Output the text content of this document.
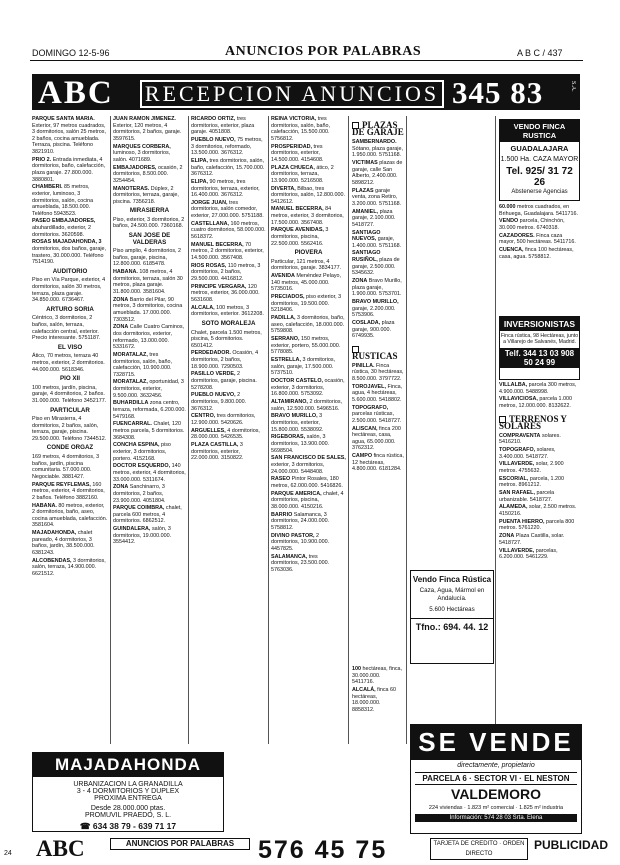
DOMINGO 12-5-96	ANUNCIOS POR PALABRAS	A B C / 437
ABC RECEPCION ANUNCIOS 345 83 57
S.A.

PARQUE SANTA MARIA. Exterior, 97 metros cuadrados, 3 dormitorios, salón 25 metros, 2 baños, cocina amueblada. Terraza, piscina. Teléfono 3821910.

PRIO 2. Entrada inmediata, 4 dormitorios, baño, calefacción, plaza garaje. 27.800.000. 3880801.

CHAMBERI. 85 metros, exterior, luminoso, 3 dormitorios, salón, cocina amueblada, 18.500.000. Teléfono 5943523.

PASEO EMBAJADORES, abuhardillado, exterior, 2 dormitorios. 3620598.

ROSAS MAJADAHONDA, 3 dormitorios, dos baños, garaje, trastero, 30.000.000. Teléfono 7514190.

AUDITORIO

Piso en Vía Parque, exterior, 4 dormitorios, salón 30 metros, terraza, plaza garaje. 34.850.000. 6736467.

ARTURO SORIA

Céntrico, 3 dormitorios, 2 baños, salón, terraza, calefacción central, exterior. Precio interesante. 5751187.

EL VISO

Ático, 70 metros, terraza 40 metros, exterior, 2 dormitorios. 44.000.000. 5618346.

PIO XII

100 metros, jardín, piscina, garaje, 4 dormitorios, 2 baños. 31.000.000. Teléfono 3452177.

PARTICULAR

Piso en Mirasierra, 4 dormitorios, 2 baños, salón, terraza, garaje, piscina. 29.500.000. Teléfono 7344512.

CONDE ORGAZ

169 metros, 4 dormitorios, 3 baños, jardín, piscina comunitaria. 57.000.000. Negociable. 3881427.

PARQUE REYFLEMAS, 160 metros, exterior, 4 dormitorios, 2 baños. Teléfono 3882160.

HABANA. 80 metros, exterior, 2 dormitorios, baño, aseo, cocina amueblada, calefacción. 3581604.

MAJADAHONDA, chalet pareado, 4 dormitorios, 3 baños, jardín, 38.500.000. 6381243.

ALCOBENDAS, 3 dormitorios, salón, terraza, 14.900.000. 6621512.

JUAN RAMON JIMENEZ. Exterior, 120 metros, 4 dormitorios, 2 baños, garaje. 3597615.

MARQUES CORBERA, luminoso, 3 dormitorios, salón. 4071689.

EMBAJADORES, ocasión, 2 dormitorios, 8.500.000. 3254454.

MANOTERAS. Dúplex, 2 dormitorios, terraza, garaje, piscina. 7356218.

MIRASIERRA

Piso, exterior, 3 dormitorios, 2 baños, 24.500.000. 7360168.

SAN JOSE DE VALDERAS

Piso amplio, 4 dormitorios, 2 baños, garaje, piscina, 12.800.000. 6185478.

HABANA. 108 metros, 4 dormitorios, terraza, salón 30 metros, plaza garaje. 31.800.000. 3581604.

ZONA Barrio del Pilar, 90 metros, 3 dormitorios, cocina amueblada. 17.000.000. 7303512.

ZONA Calle Cuatro Caminos, dos dormitorios, exterior, reformado, 13.000.000. 5331672.

MORATALAZ, tres dormitorios, salón, baño, calefacción, 10.900.000. 7328715.

MORATALAZ, oportunidad, 3 dormitorios, exterior, 9.500.000. 3632456.

BUHARDILLA zona centro, terraza, reformada, 6.200.000. 5479168.

FUENCARRAL. Chalet, 120 metros parcela, 5 dormitorios. 3684308.

CONCHA ESPINA, piso exterior, 3 dormitorios, portero. 4152168.

DOCTOR ESQUERDO, 140 metros, exterior, 4 dormitorios, 33.000.000. 5311674.

ZONA Sanchinarro, 3 dormitorios, 2 baños, 23.900.000. 4051804.

PARQUE COIMBRA, chalet, parcela 600 metros, 4 dormitorios. 6862512.

GUINDALERA, salón, 3 dormitorios, 19.000.000. 3554412.

RICARDO ORTIZ, tres dormitorios, exterior, plaza garaje. 4051808.

PUEBLO NUEVO, 75 metros, 3 dormitorios, reformado, 13.500.000. 3676312.

ELIPA, tres dormitorios, salón, baño, calefacción, 15.700.000. 3676312.

ELIPA, 90 metros, tres dormitorios, terraza, exterior, 16.400.000. 3676312.

JORGE JUAN, tres dormitorios, salón comedor, exterior, 27.000.000. 5751188.

CASTELLANA, 160 metros, cuatro dormitorios, 58.000.000. 5618372.

MANUEL BECERRA, 70 metros, 2 dormitorios, exterior, 14.500.000. 3567408.

RIOS ROSAS, 110 metros, 3 dormitorios, 2 baños, 29.500.000. 4416812.

PRINCIPE VERGARA, 120 metros, exterior, 36.000.000. 5631608.

ALCALA, 100 metros, 3 dormitorios, exterior. 3612208.

SOTO MORALEJA

Chalet, parcela 1.500 metros, piscina, 5 dormitorios. 6501412.

PERDEDADOR. Ocasión, 4 dormitorios, 2 baños, 18.900.000. 7290503.

PASILLO VERDE, 2 dormitorios, garaje, piscina. 5278208.

PUEBLO NUEVO, 2 dormitorios, 9.800.000. 3676312.

CENTRO, tres dormitorios, 12.900.000. 5420626.

ARGUELLES, 4 dormitorios, 28.000.000. 5426535.

PLAZA CASTILLA, 3 dormitorios, exterior, 22.000.000. 3150822.

REINA VICTORIA, tres dormitorios, salón, baño, calefacción, 15.500.000. 5756812.

PROSPERIDAD, tres dormitorios, exterior, 14.500.000. 4154608.

PLAZA CHUECA, ático, 2 dormitorios, terraza, 13.900.000. 5216508.

DIVERTA, Bilbao, tres dormitorios, salón, 12.800.000. 5412612.

MANUEL BECERRA, 84 metros, exterior, 3 dormitorios, 17.500.000. 3567408.

PARQUE AVENIDAS, 3 dormitorios, piscina, 22.500.000. 5562416.

PIOVERA

Particular, 121 metros, 4 dormitorios, garaje. 3834177.

AVENIDA Menéndez Pelayo, 140 metros, 45.000.000. 5735016.

PRECIADOS, piso exterior, 3 dormitorios, 19.500.000. 5218406.

PADILLA, 3 dormitorios, baño, aseo, calefacción, 18.000.000. 5759808.

SERRANO, 150 metros, exterior, portero, 55.000.000. 5778085.

ESTRELLA, 3 dormitorios, salón, garaje, 17.500.000. 5737510.

DOCTOR CASTELO, ocasión, exterior, 3 dormitorios, 16.800.000. 5753092.

ALTAMIRANO, 2 dormitorios, salón, 12.500.000. 5496516.

BRAVO MURILLO, 3 dormitorios, exterior, 15.800.000. 5538092.

RIGEBORAS, salón, 3 dormitorios, 13.900.000. 5698504.

SAN FRANCISCO DE SALES, exterior, 3 dormitorios, 24.000.000. 5448408.

RASEO Pintor Rosales, 180 metros, 62.000.000. 5416826.

PARQUE AMERICA, chalet, 4 dormitorios, piscina, 38.000.000. 4150216.

BARRIO Salamanca, 3 dormitorios, 24.000.000. 5758812.

DIVINO PASTOR, 2 dormitorios, 10.900.000. 4457825.

SALAMANCA, tres dormitorios, 23.500.000. 5763036.

PLAZAS DE GARAJE

SAMBERNARDO. Sótano, plaza garaje, 1.950.000. 5751168.

VICTIMAS plazas de garaje, calle San Alberto, 2.400.000. 5898212.

PLAZAS garaje venta, zona Retiro, 3.200.000. 5751168.

AMANIEL, plaza garaje, 2.100.000. 5418727.

SANTIAGO NUEVOS, garaje, 1.400.000. 5751168.

SANTIAGO RUSIÑOL, plaza de garaje, 2.500.000. 5345632.

ZONA Bravo Murillo, plaza garaje, 1.900.000. 5753701.

BRAVO MURILLO, garaje, 2.200.000. 5753906.

COSLADA, plaza garaje, 900.000. 6749935.

RUSTICAS

PINILLA. Finca rústica, 30 hectáreas, 8.500.000. 3797722.

TOROJAVEL, Finca, agua, 4 hectáreas, 5.600.000. 5418802.

TOPOGRAFO, parcelas rústicas, 2.500.000. 5418727.

ALISCAN, finca 200 hectáreas, casa, agua, 65.000.000. 3762312.

CAMPO finca rústica, 12 hectáreas, 4.800.000. 6181284.

Vendo Finca Rústica
Caza, Agua, Mármol en Andalucía.
5.600 Hectáreas
Tfno.: 694. 44. 12

100 hectáreas, finca, 30.000.000. 5411716.

ALCALÁ, finca 60 hectáreas, 18.000.000. 8858312.

VENDO FINCA RUSTICA
GUADALAJARA
1.500 Ha. CAZA MAYOR
Tel. 925/ 31 72 26
Abstenerse Agencias

60.000 metros cuadrados, en Brihuega, Guadalajara. 5411716.

VENDO parcela, Chinchón, 30.000 metros. 6740318.

CAZADORES. Finca caza mayor, 500 hectáreas. 5411716.

CUENCA, finca 100 hectáreas, casa, agua. 5758812.

INVERSIONISTAS
Finca rústica, 98 Hectáreas, junto a Villarejo de Salvanés, Madrid.
Telf. 344 13 03 908 50 24 99

VILLALBA, parcela 300 metros, 4.900.000. 5488998.

VILLAVICIOSA, parcela 1.000 metros, 12.000.000. 8132622.

TERRENOS Y SOLARES

COMPRAVENTA solares. 5416210.

TOPOGRAFO, solares, 3.400.000. 5418727.

VILLAVERDE, solar, 2.900 metros. 4755632.

ESCORIAL, parcela, 1.200 metros. 8961212.

SAN RAFAEL, parcela urbanizable. 5418727.

ALAMEDA, solar, 2.500 metros. 4150216.

PUENTA HIERRO, parcela 800 metros. 5761220.

ZONA Plaza Castilla, solar. 5418727.

VILLAVERDE, parcelas, 6.200.000. 5461229.

MAJADAHONDA
URBANIZACION LA GRANADILLA
3 - 4 DORMITORIOS Y DUPLEX
PROXIMA ENTREGA
Desde 28.000.000 ptas.
PROMUVIL PRAEDO, S. L.
☎ 634 38 79 - 639 71 17
SE VENDE
directamente, propietario
PARCELA 6 · SECTOR VI · EL NESTON
VALDEMORO
224 viviendas · 1.823 m² comercial · 1.825 m² industria
Información: 574 28 03 Srta. Elena
24 ABC	ANUNCIOS POR PALABRAS 576 45 75	TARJETA DE CREDITO · ORDEN DIRECTO
PUBLICIDAD
